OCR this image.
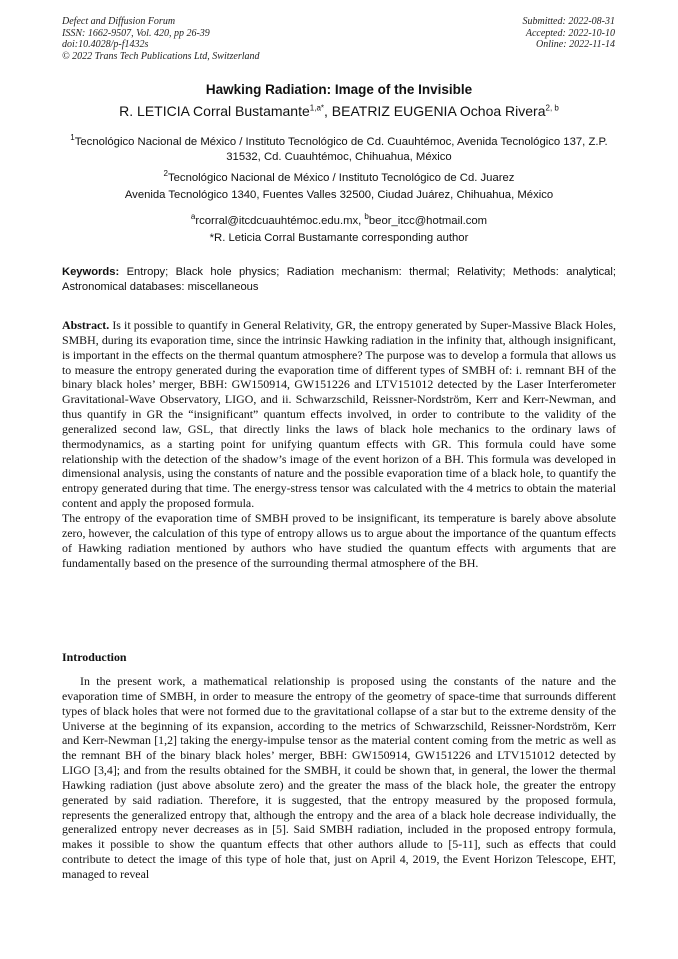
Defect and Diffusion Forum
ISSN: 1662-9507, Vol. 420, pp 26-39
doi:10.4028/p-f1432s
© 2022 Trans Tech Publications Ltd, Switzerland
Submitted: 2022-08-31
Accepted: 2022-10-10
Online: 2022-11-14
Hawking Radiation: Image of the Invisible
R. LETICIA Corral Bustamante$^{1,a*}$, BEATRIZ EUGENIA Ochoa Rivera$^{2, b}$
$^1$Tecnológico Nacional de México / Instituto Tecnológico de Cd. Cuauhtémoc, Avenida Tecnológico 137, Z.P. 31532, Cd. Cuauhtémoc, Chihuahua, México
$^2$Tecnológico Nacional de México / Instituto Tecnológico de Cd. Juarez
Avenida Tecnológico 1340, Fuentes Valles 32500, Ciudad Juárez, Chihuahua, México
$^a$rcorral@itcdcuauhtémoc.edu.mx, $^b$beor_itcc@hotmail.com
*R. Leticia Corral Bustamante corresponding author
Keywords: Entropy; Black hole physics; Radiation mechanism: thermal; Relativity; Methods: analytical; Astronomical databases: miscellaneous

Abstract. Is it possible to quantify in General Relativity, GR, the entropy generated by Super-Massive Black Holes, SMBH, during its evaporation time, since the intrinsic Hawking radiation in the infinity that, although insignificant, is important in the effects on the thermal quantum atmosphere? The purpose was to develop a formula that allows us to measure the entropy generated during the evaporation time of different types of SMBH of: i. remnant BH of the binary black holes’ merger, BBH: GW150914, GW151226 and LTV151012 detected by the Laser Interferometer Gravitational-Wave Observatory, LIGO, and ii. Schwarzschild, Reissner-Nordström, Kerr and Kerr-Newman, and thus quantify in GR the “insignificant” quantum effects involved, in order to contribute to the validity of the generalized second law, GSL, that directly links the laws of black hole mechanics to the ordinary laws of thermodynamics, as a starting point for unifying quantum effects with GR. This formula could have some relationship with the detection of the shadow’s image of the event horizon of a BH. This formula was developed in dimensional analysis, using the constants of nature and the possible evaporation time of a black hole, to quantify the entropy generated during that time. The energy-stress tensor was calculated with the 4 metrics to obtain the material content and apply the proposed formula.

The entropy of the evaporation time of SMBH proved to be insignificant, its temperature is barely above absolute zero, however, the calculation of this type of entropy allows us to argue about the importance of the quantum effects of Hawking radiation mentioned by authors who have studied the quantum effects with arguments that are fundamentally based on the presence of the surrounding thermal atmosphere of the BH.

Introduction

In the present work, a mathematical relationship is proposed using the constants of the nature and the evaporation time of SMBH, in order to measure the entropy of the geometry of space-time that surrounds different types of black holes that were not formed due to the gravitational collapse of a star but to the extreme density of the Universe at the beginning of its expansion, according to the metrics of Schwarzschild, Reissner-Nordström, Kerr and Kerr-Newman [1,2] taking the energy-impulse tensor as the material content coming from the metric as well as the remnant BH of the binary black holes’ merger, BBH: GW150914, GW151226 and LTV151012 detected by LIGO [3,4]; and from the results obtained for the SMBH, it could be shown that, in general, the lower the thermal Hawking radiation (just above absolute zero) and the greater the mass of the black hole, the greater the entropy generated by said radiation. Therefore, it is suggested, that the entropy measured by the proposed formula, represents the generalized entropy that, although the entropy and the area of a black hole decrease individually, the generalized entropy never decreases as in [5]. Said SMBH radiation, included in the proposed entropy formula, makes it possible to show the quantum effects that other authors allude to [5-11], such as effects that could contribute to detect the image of this type of hole that, just on April 4, 2019, the Event Horizon Telescope, EHT, managed to reveal
